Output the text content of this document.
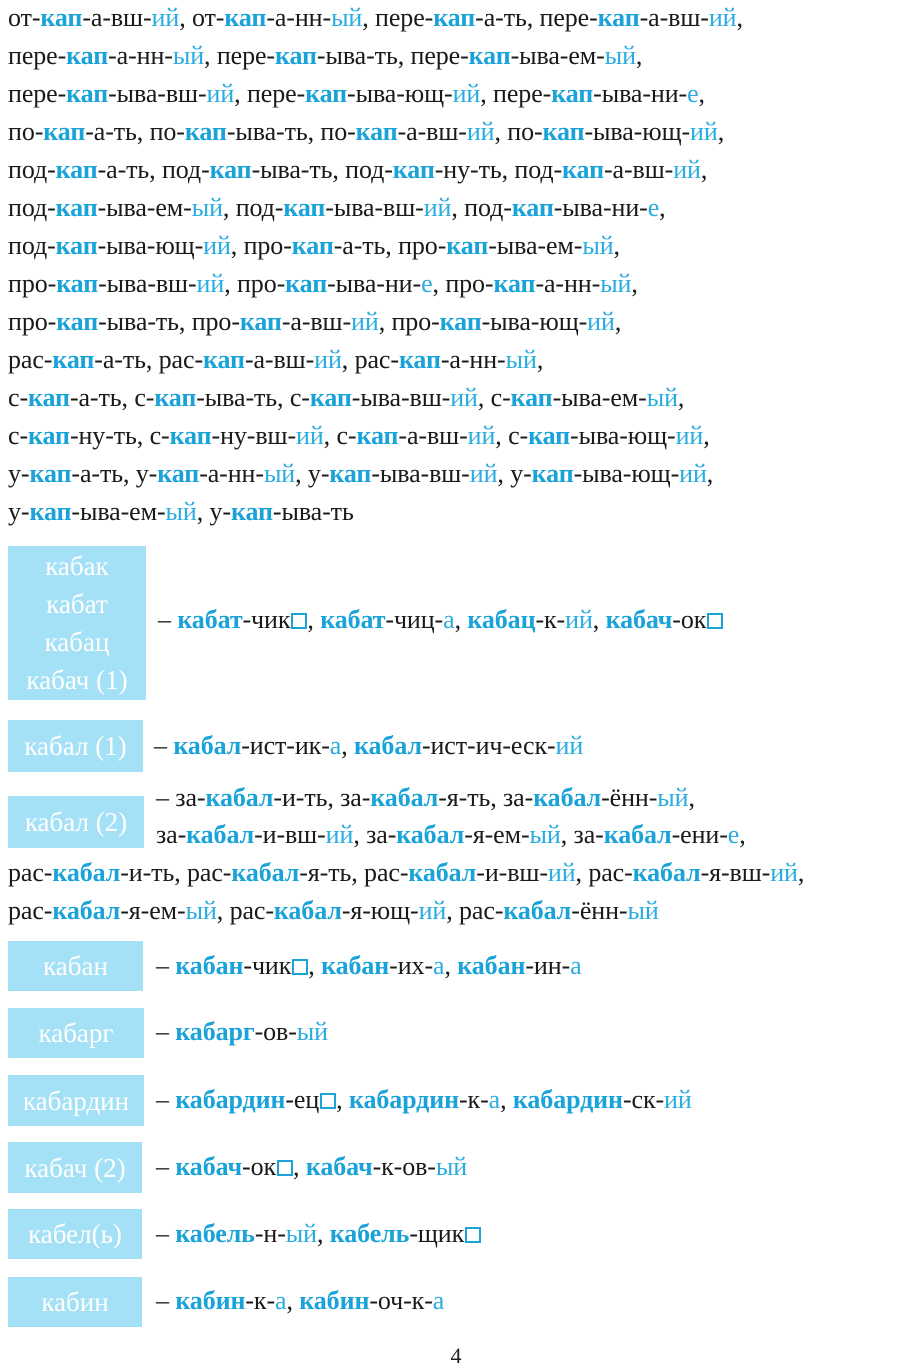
от-кап-а-вш-ий, от-кап-а-нн-ый, пере-кап-а-ть, пере-кап-а-вш-ий,
пере-кап-а-нн-ый, пере-кап-ыва-ть, пере-кап-ыва-ем-ый,
пере-кап-ыва-вш-ий, пере-кап-ыва-ющ-ий, пере-кап-ыва-ни-е,
по-кап-а-ть, по-кап-ыва-ть, по-кап-а-вш-ий, по-кап-ыва-ющ-ий,
под-кап-а-ть, под-кап-ыва-ть, под-кап-ну-ть, под-кап-а-вш-ий,
под-кап-ыва-ем-ый, под-кап-ыва-вш-ий, под-кап-ыва-ни-е,
под-кап-ыва-ющ-ий, про-кап-а-ть, про-кап-ыва-ем-ый,
про-кап-ыва-вш-ий, про-кап-ыва-ни-е, про-кап-а-нн-ый,
про-кап-ыва-ть, про-кап-а-вш-ий, про-кап-ыва-ющ-ий,
рас-кап-а-ть, рас-кап-а-вш-ий, рас-кап-а-нн-ый,
с-кап-а-ть, с-кап-ыва-ть, с-кап-ыва-вш-ий, с-кап-ыва-ем-ый,
с-кап-ну-ть, с-кап-ну-вш-ий, с-кап-а-вш-ий, с-кап-ыва-ющ-ий,
у-кап-а-ть, у-кап-а-нн-ый, у-кап-ыва-вш-ий, у-кап-ыва-ющ-ий,
у-кап-ыва-ем-ый, у-кап-ыва-ть
кабак
кабат
кабац
кабач (1)
– кабат-чик , кабат-чиц-а, кабац-к-ий, кабач-ок
кабал (1) – кабал-ист-ик-а, кабал-ист-ич-еск-ий
кабал (2)
– за-кабал-и-ть, за-кабал-я-ть, за-кабал-ённ-ый,
за-кабал-и-вш-ий, за-кабал-я-ем-ый, за-кабал-ени-е,
рас-кабал-и-ть, рас-кабал-я-ть, рас-кабал-и-вш-ий, рас-кабал-я-вш-ий,
рас-кабал-я-ем-ый, рас-кабал-я-ющ-ий, рас-кабал-ённ-ый
кабан – кабан-чик , кабан-их-а, кабан-ин-а
кабарг – кабарг-ов-ый
кабардин – кабардин-ец , кабардин-к-а, кабардин-ск-ий
кабач (2) – кабач-ок , кабач-к-ов-ый
кабел(ь) – кабель-н-ый, кабель-щик
кабин – кабин-к-а, кабин-оч-к-а
4
